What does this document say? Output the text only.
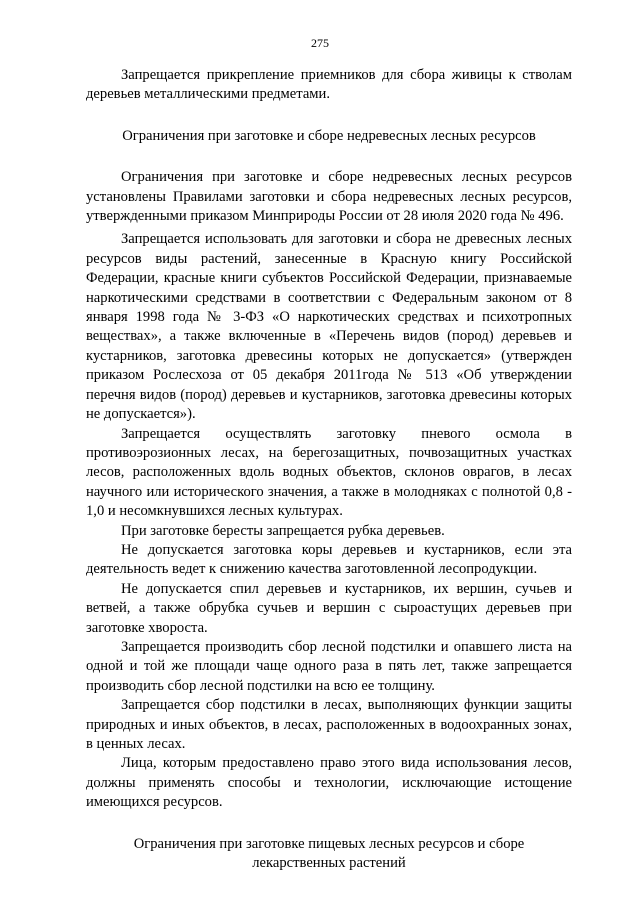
275

Запрещается прикрепление приемников для сбора живицы к стволам деревьев металлическими предметами.

Ограничения при заготовке и сборе недревесных лесных ресурсов

Ограничения при заготовке и сборе недревесных лесных ресурсов установлены Правилами заготовки и сбора недревесных лесных ресурсов, утвержденными приказом Минприроды России от 28 июля 2020 года № 496.

Запрещается использовать для заготовки и сбора не древесных лесных ресурсов виды растений, занесенные в Красную книгу Российской Федерации, красные книги субъектов Российской Федерации, признаваемые наркотическими средствами в соответствии с Федеральным законом от 8 января 1998 года № 3-ФЗ «О наркотических средствах и психотропных веществах», а также включенные в «Перечень видов (пород) деревьев и кустарников, заготовка древесины которых не допускается» (утвержден приказом Рослесхоза от 05 декабря 2011года № 513 «Об утверждении перечня видов (пород) деревьев и кустарников, заготовка древесины которых не допускается»).

Запрещается осуществлять заготовку пневого осмола в противоэрозионных лесах, на берегозащитных, почвозащитных участках лесов, расположенных вдоль водных объектов, склонов оврагов, в лесах научного или исторического значения, а также в молодняках с полнотой 0,8 - 1,0 и несомкнувшихся лесных культурах.

При заготовке бересты запрещается рубка деревьев.

Не допускается заготовка коры деревьев и кустарников, если эта деятельность ведет к снижению качества заготовленной лесопродукции.

Не допускается спил деревьев и кустарников, их вершин, сучьев и ветвей, а также обрубка сучьев и вершин с сыроастущих деревьев при заготовке хвороста.

Запрещается производить сбор лесной подстилки и опавшего листа на одной и той же площади чаще одного раза в пять лет, также запрещается производить сбор лесной подстилки на всю ее толщину.

Запрещается сбор подстилки в лесах, выполняющих функции защиты природных и иных объектов, в лесах, расположенных в водоохранных зонах, в ценных лесах.

Лица, которым предоставлено право этого вида использования лесов, должны применять способы и технологии, исключающие истощение имеющихся ресурсов.

Ограничения при заготовке пищевых лесных ресурсов и сборе

лекарственных растений
